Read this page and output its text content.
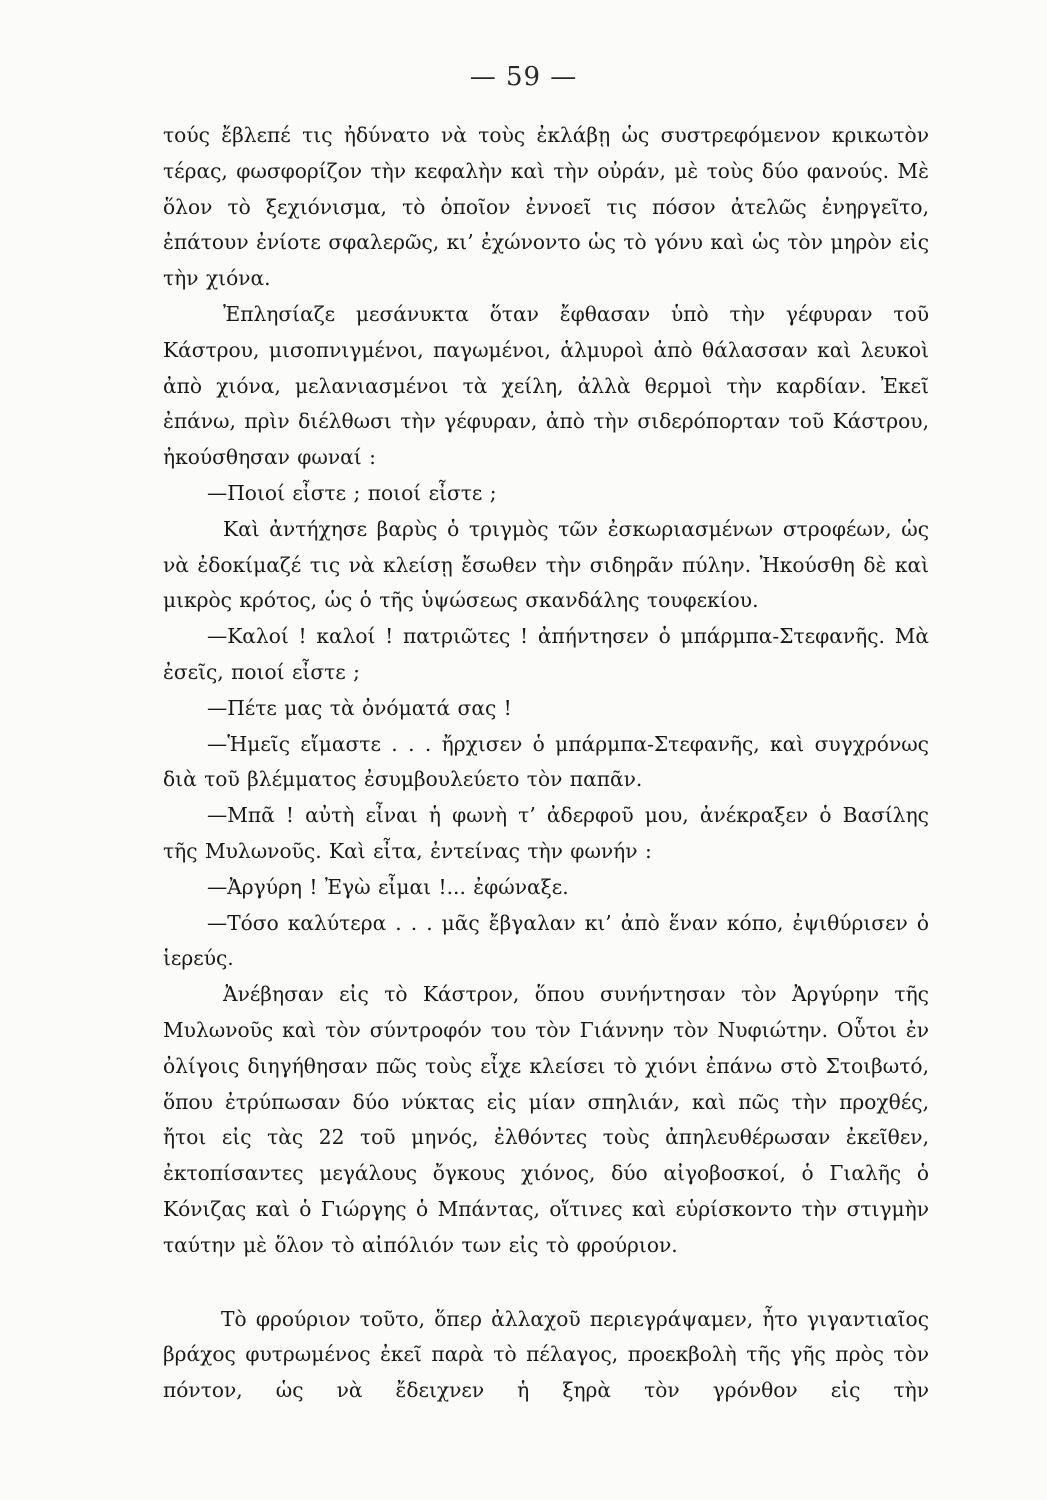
— 59 —

τούς ἔβλεπέ τις ἠδύνατο νὰ τοὺς ἐκλάβῃ ὡς συστρεφόμενον κρικωτὸν τέρας, φωσφορίζον τὴν κεφαλὴν καὶ τὴν οὐράν, μὲ τοὺς δύο φανούς. Μὲ ὅλον τὸ ξεχιόνισμα, τὸ ὁποῖον ἐννοεῖ τις πόσον ἀτελῶς ἐνηργεῖτο, ἐπάτουν ἐνίοτε σφαλερῶς, κι’ ἐχώνοντο ὡς τὸ γόνυ καὶ ὡς τὸν μηρὸν εἰς τὴν χιόνα.

Ἐπλησίαζε μεσάνυκτα ὅταν ἔφθασαν ὑπὸ τὴν γέφυραν τοῦ Κάστρου, μισοπνιγμένοι, παγωμένοι, ἁλμυροὶ ἀπὸ θάλασσαν καὶ λευκοὶ ἀπὸ χιόνα, μελανιασμένοι τὰ χείλη, ἀλλὰ θερμοὶ τὴν καρδίαν. Ἐκεῖ ἐπάνω, πρὶν διέλθωσι τὴν γέφυραν, ἀπὸ τὴν σιδερόπορταν τοῦ Κάστρου, ἠκούσθησαν φωναί :

—Ποιοί εἶστε ; ποιοί εἶστε ;

Καὶ ἀντήχησε βαρὺς ὁ τριγμὸς τῶν ἐσκωριασμένων στροφέων, ὡς νὰ ἐδοκίμαζέ τις νὰ κλείσῃ ἔσωθεν τὴν σιδηρᾶν πύλην. Ἠκούσθη δὲ καὶ μικρὸς κρότος, ὡς ὁ τῆς ὑψώσεως σκανδάλης τουφεκίου.

—Καλοί ! καλοί ! πατριῶτες ! ἀπήντησεν ὁ μπάρμπα-Στεφανῆς. Μὰ ἐσεῖς, ποιοί εἶστε ;

—Πέτε μας τὰ ὀνόματά σας !

—Ἡμεῖς εἴμαστε . . . ἤρχισεν ὁ μπάρμπα-Στεφανῆς, καὶ συγχρόνως διὰ τοῦ βλέμματος ἐσυμβουλεύετο τὸν παπᾶν.

—Μπᾶ ! αὐτὴ εἶναι ἡ φωνὴ τ’ ἀδερφοῦ μου, ἀνέκραξεν ὁ Βασίλης τῆς Μυλωνοῦς. Καὶ εἶτα, ἐντείνας τὴν φωνήν :

—Ἀργύρη ! Ἐγὼ εἶμαι !... ἐφώναξε.

—Τόσο καλύτερα . . . μᾶς ἔβγαλαν κι’ ἀπὸ ἕναν κόπο, ἐψιθύρισεν ὁ ἱερεύς.

Ἀνέβησαν εἰς τὸ Κάστρον, ὅπου συνήντησαν τὸν Ἀργύρην τῆς Μυλωνοῦς καὶ τὸν σύντροφόν του τὸν Γιάννην τὸν Νυφιώτην. Οὗτοι ἐν ὀλίγοις διηγήθησαν πῶς τοὺς εἶχε κλείσει τὸ χιόνι ἐπάνω στὸ Στοιβωτό, ὅπου ἐτρύπωσαν δύο νύκτας εἰς μίαν σπηλιάν, καὶ πῶς τὴν προχθές, ἤτοι εἰς τὰς 22 τοῦ μηνός, ἐλθόντες τοὺς ἀπηλευθέρωσαν ἐκεῖθεν, ἐκτοπίσαντες μεγάλους ὄγκους χιόνος, δύο αἰγοβοσκοί, ὁ Γιαλῆς ὁ Κόνιζας καὶ ὁ Γιώργης ὁ Μπάντας, οἵτινες καὶ εὑρίσκοντο τὴν στιγμὴν ταύτην μὲ ὅλον τὸ αἰπόλιόν των εἰς τὸ φρούριον.

Τὸ φρούριον τοῦτο, ὅπερ ἀλλαχοῦ περιεγράψαμεν, ἦτο γιγαντιαῖος βράχος φυτρωμένος ἐκεῖ παρὰ τὸ πέλαγος, προεκβολὴ τῆς γῆς πρὸς τὸν πόντον, ὡς νὰ ἔδειχνεν ἡ ξηρὰ τὸν γρόνθον εἰς τὴν
